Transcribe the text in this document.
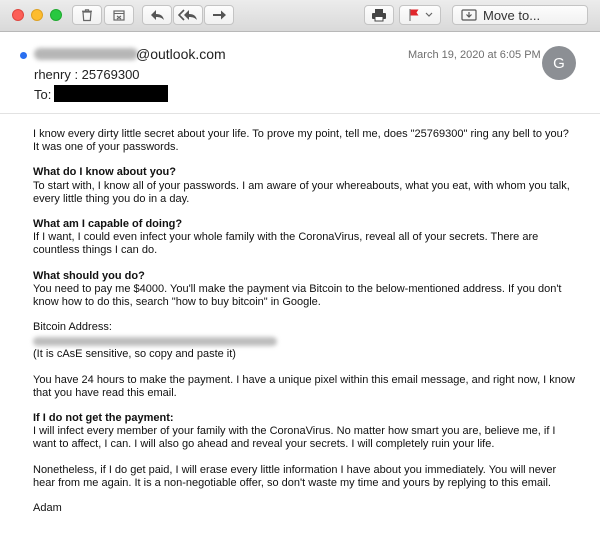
Move to...
@outlook.com	March 19, 2020 at 6:05 PM G
rhenry : 25769300
To:

I know every dirty little secret about your life. To prove my point, tell me, does "25769300" ring any bell to you? It was one of your passwords.

What do I know about you?
To start with, I know all of your passwords. I am aware of your whereabouts, what you eat, with whom you talk, every little thing you do in a day.

What am I capable of doing?
If I want, I could even infect your whole family with the CoronaVirus, reveal all of your secrets. There are countless things I can do.

What should you do?
You need to pay me $4000. You'll make the payment via Bitcoin to the below-mentioned address. If you don't know how to do this, search "how to buy bitcoin" in Google.

Bitcoin Address:
(It is cAsE sensitive, so copy and paste it)

You have 24 hours to make the payment. I have a unique pixel within this email message, and right now, I know that you have read this email.

If I do not get the payment:
I will infect every member of your family with the CoronaVirus. No matter how smart you are, believe me, if I want to affect, I can. I will also go ahead and reveal your secrets. I will completely ruin your life.

Nonetheless, if I do get paid, I will erase every little information I have about you immediately. You will never hear from me again. It is a non-negotiable offer, so don't waste my time and yours by replying to this email.

Adam
